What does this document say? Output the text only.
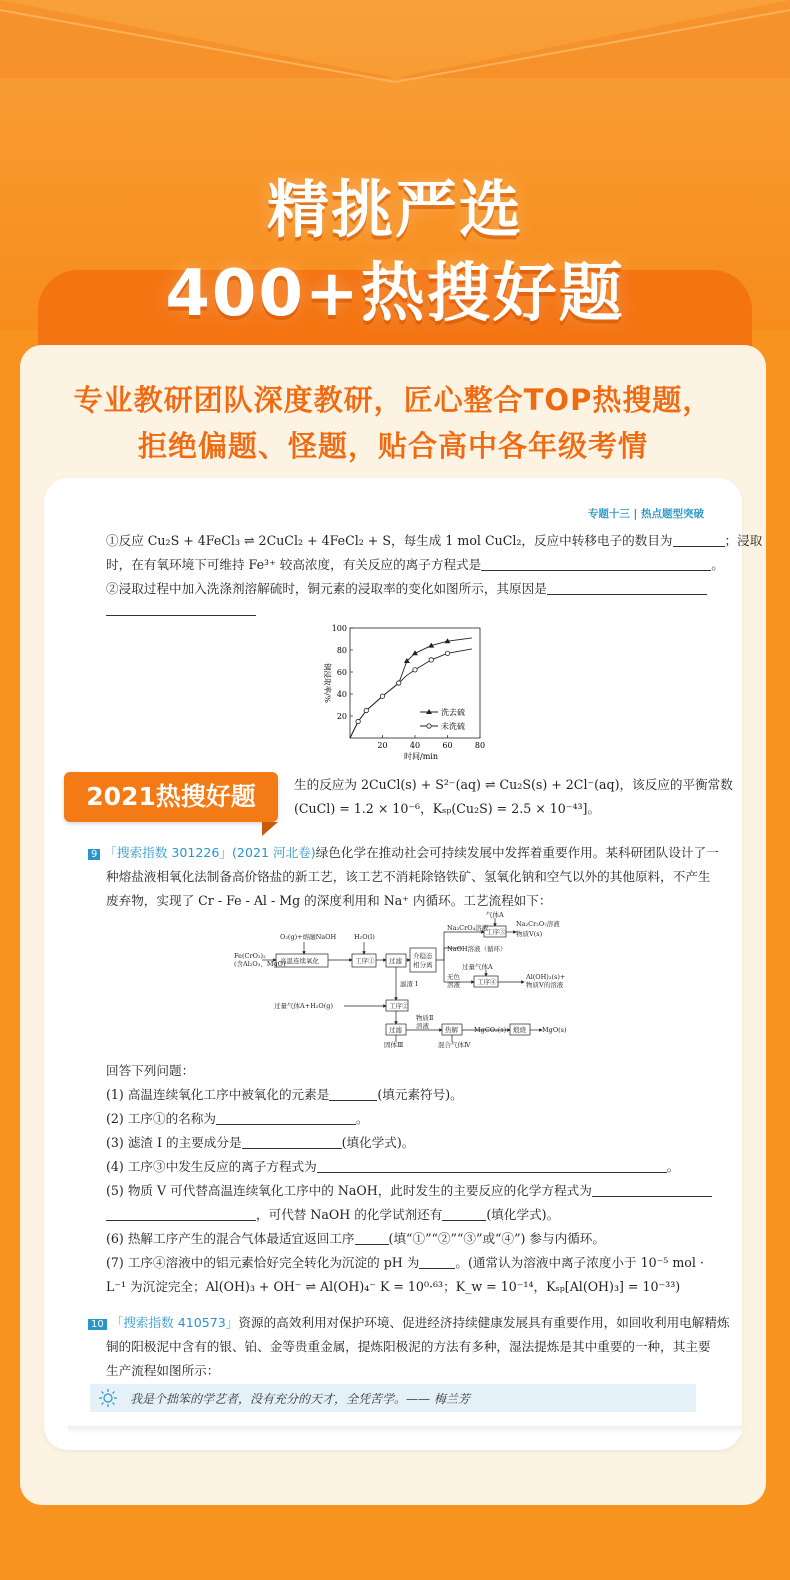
精挑严选
400+热搜好题
专业教研团队深度教研，匠心整合TOP热搜题，
拒绝偏题、怪题，贴合高中各年级考情
专题十三 | 热点题型突破
①反应 Cu₂S + 4FeCl₃ ⇌ 2CuCl₂ + 4FeCl₂ + S，每生成 1 mol CuCl₂，反应中转移电子的数目为	；浸取
时，在有氧环境下可维持 Fe³⁺ 较高浓度，有关反应的离子方程式是	。
②浸取过程中加入洗涤剂溶解硫时，铜元素的浸取率的变化如图所示，其原因是
20	40	60	80
20
40
60
80
100
时间/min
铜浸取率/%
洗去硫
未洗硫
生的反应为 2CuCl(s) + S²⁻(aq) ⇌ Cu₂S(s) + 2Cl⁻(aq)，该反应的平衡常数
(CuCl) = 1.2 × 10⁻⁶，Kₛₚ(Cu₂S) = 2.5 × 10⁻⁴³]。
9 「搜索指数 301226」(2021 河北卷)绿色化学在推动社会可持续发展中发挥着重要作用。某科研团队设计了一
种熔盐液相氧化法制备高价铬盐的新工艺，该工艺不消耗除铬铁矿、氢氧化钠和空气以外的其他原料，不产生
废弃物，实现了 Cr - Fe - Al - Mg 的深度利用和 Na⁺ 内循环。工艺流程如下：
Fe(CrO₂)₂
(含Al₂O₃、MgO)
O₂(g)+熔融NaOH	H₂O(l)
高温连续氧化	工序① 过滤
介稳态
相分离
气体A
Na₂CrO₄溶液
工序③
Na₂Cr₂O₇溶液
物质Ⅴ(s)
NaOH溶液（循环）
过量气体A
无色
溶液	工序④
Al(OH)₃(s)+
物质Ⅴ的溶液
滤渣 Ⅰ
过量气体A+H₂O(g)	工序②
过滤
物质Ⅱ
溶液 热解 MgCO₃(s) 煅烧 MgO(s)
固体Ⅲ	混合气体Ⅳ
回答下列问题：
(1) 高温连续氧化工序中被氧化的元素是	(填元素符号)。
(2) 工序①的名称为	。
(3) 滤渣 Ⅰ 的主要成分是	(填化学式)。
(4) 工序③中发生反应的离子方程式为	。
(5) 物质 Ⅴ 可代替高温连续氧化工序中的 NaOH，此时发生的主要反应的化学方程式为
，可代替 NaOH 的化学试剂还有	(填化学式)。
(6) 热解工序产生的混合气体最适宜返回工序	(填“①”“②”“③”或“④”) 参与内循环。
(7) 工序④溶液中的铝元素恰好完全转化为沉淀的 pH 为	。(通常认为溶液中离子浓度小于 10⁻⁵ mol ·
L⁻¹ 为沉淀完全；Al(OH)₃ + OH⁻ ⇌ Al(OH)₄⁻ K = 10⁰·⁶³；K_w = 10⁻¹⁴，Kₛₚ[Al(OH)₃] = 10⁻³³)
10 「搜索指数 410573」资源的高效利用对保护环境、促进经济持续健康发展具有重要作用，如回收利用电解精炼
铜的阳极泥中含有的银、铂、金等贵重金属，提炼阳极泥的方法有多种，湿法提炼是其中重要的一种，其主要
生产流程如图所示：
我是个拙笨的学艺者，没有充分的天才，全凭苦学。—— 梅兰芳
2021热搜好题
